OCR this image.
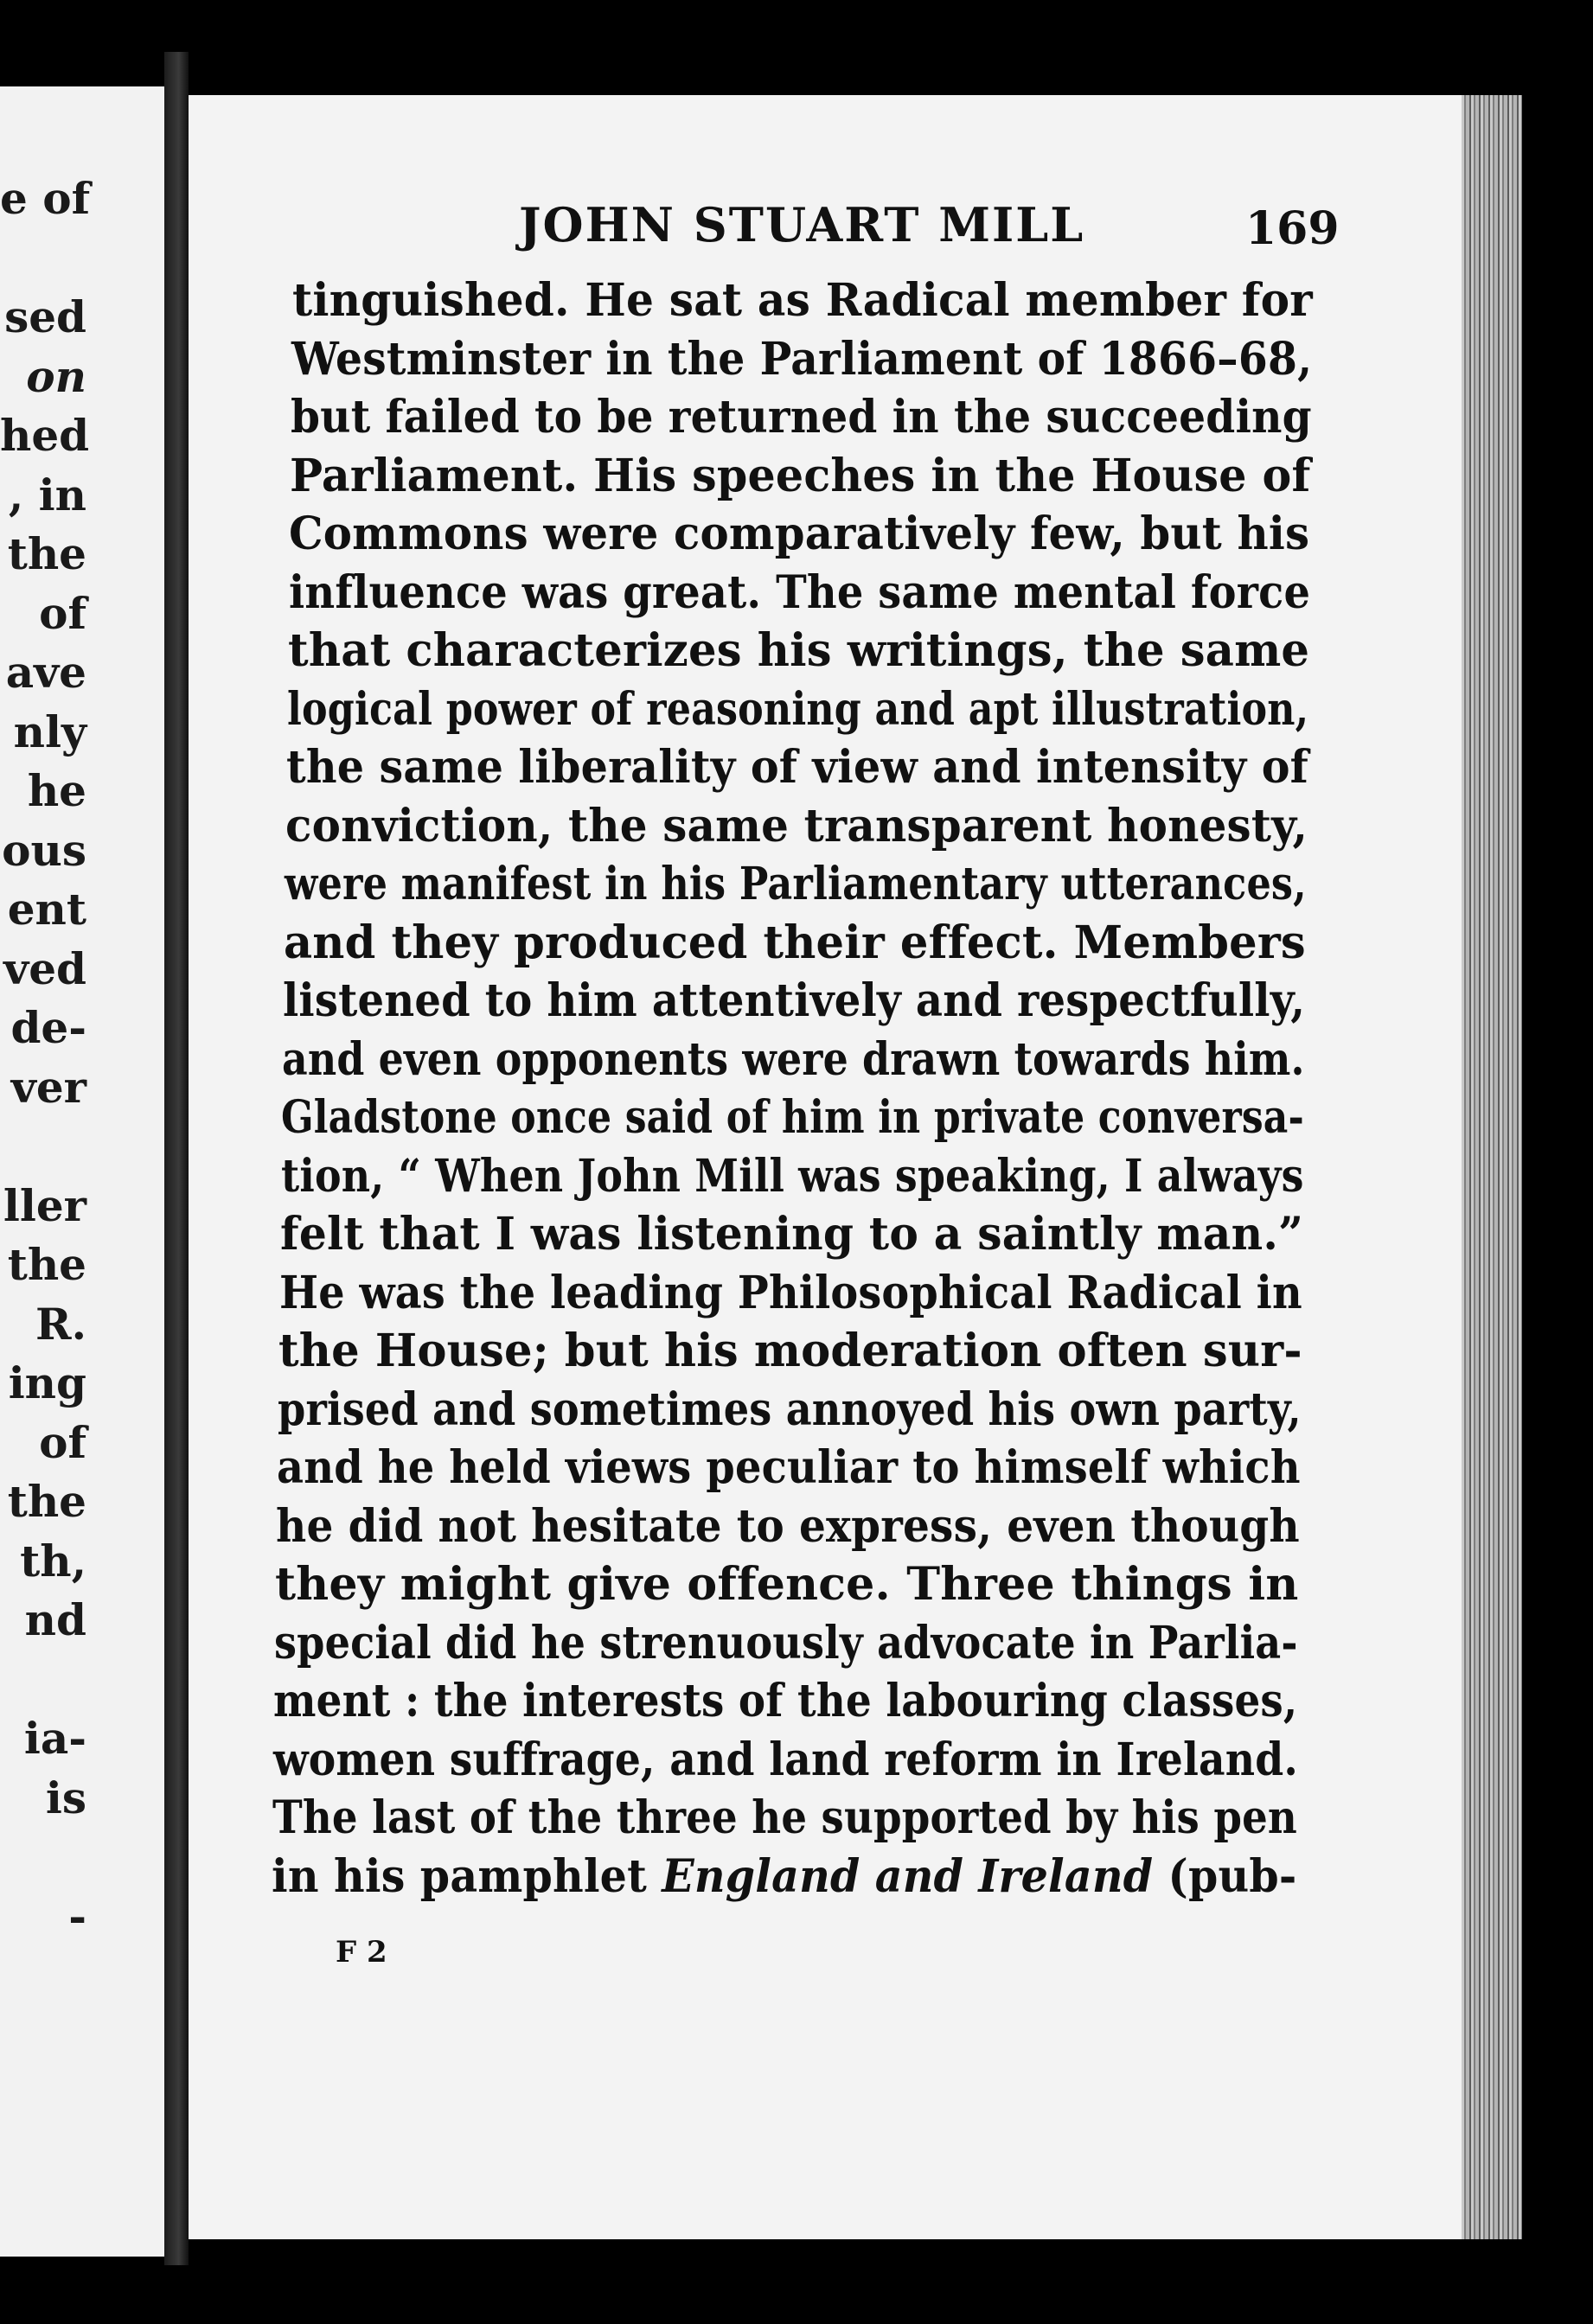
e of
sed
on
hed
, in
the
of
ave
nly
he
ous
ent
ved
de-
ver
ller
the
R.
ing
of
the
th,
nd
ia-
is
-
JOHN STUART MILL	169
tinguished. He sat as Radical member for
Westminster in the Parliament of 1866–68,
but failed to be returned in the succeeding
Parliament. His speeches in the House of
Commons were comparatively few, but his
influence was great. The same mental force
that characterizes his writings, the same
logical power of reasoning and apt illustration,
the same liberality of view and intensity of
conviction, the same transparent honesty,
were manifest in his Parliamentary utterances,
and they produced their effect. Members
listened to him attentively and respectfully,
and even opponents were drawn towards him.
Gladstone once said of him in private conversa-
tion, “ When John Mill was speaking, I always
felt that I was listening to a saintly man.”
He was the leading Philosophical Radical in
the House; but his moderation often sur-
prised and sometimes annoyed his own party,
and he held views peculiar to himself which
he did not hesitate to express, even though
they might give offence. Three things in
special did he strenuously advocate in Parlia-
ment : the interests of the labouring classes,
women suffrage, and land reform in Ireland.
The last of the three he supported by his pen
in his pamphlet England and Ireland (pub-
F 2
